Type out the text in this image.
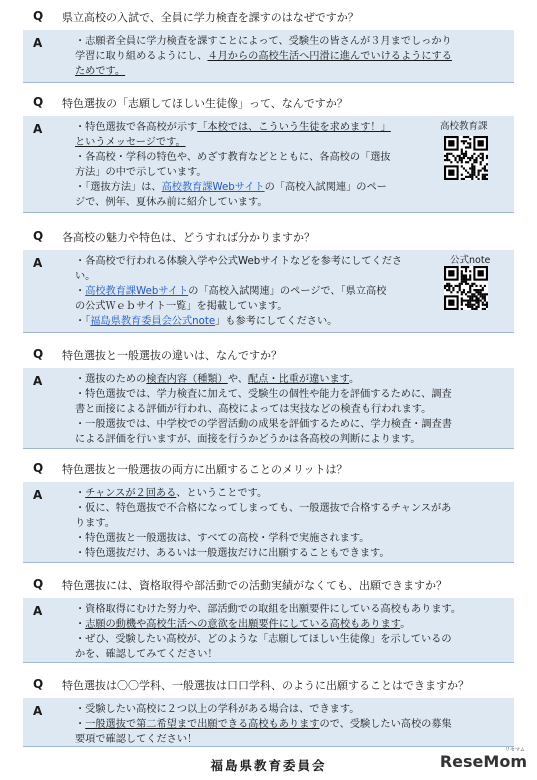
Q 県立高校の入試で、全員に学力検査を課すのはなぜですか？
A	・志願者全員に学力検査を課すことによって、受験生の皆さんが３月までしっかり
学習に取り組めるようにし、４月からの高校生活へ円滑に進んでいけるようにする
ためです。
Q 特色選抜の「志願してほしい生徒像」って、なんですか？
A	・特色選抜で各高校が示す「本校では、こういう生徒を求めます！」
というメッセージです。
・各高校・学科の特色や、めざす教育などとともに、各高校の「選抜
方法」の中で示しています。
・「選抜方法」は、高校教育課Webサイトの「高校入試関連」のペー
ジで、例年、夏休み前に紹介しています。
Q 各高校の魅力や特色は、どうすれば分かりますか？
A	・各高校で行われる体験入学や公式Webサイトなどを参考にしてくださ
い。
・高校教育課Webサイトの「高校入試関連」のページで、「県立高校
の公式Ｗｅｂサイト一覧」を掲載しています。
・「福島県教育委員会公式note」も参考にしてください。
Q 特色選抜と一般選抜の違いは、なんですか？
A	・選抜のための検査内容（種類）や、配点・比重が違います。
・特色選抜では、学力検査に加えて、受験生の個性や能力を評価するために、調査
書と面接による評価が行われ、高校によっては実技などの検査も行われます。
・一般選抜では、中学校での学習活動の成果を評価するために、学力検査・調査書
による評価を行いますが、面接を行うかどうかは各高校の判断によります。
Q 特色選抜と一般選抜の両方に出願することのメリットは？
A	・チャンスが２回ある、ということです。
・仮に、特色選抜で不合格になってしまっても、一般選抜で合格するチャンスがあ
ります。
・特色選抜と一般選抜は、すべての高校・学科で実施されます。
・特色選抜だけ、あるいは一般選抜だけに出願することもできます。
Q 特色選抜には、資格取得や部活動での活動実績がなくても、出願できますか？
A	・資格取得にむけた努力や、部活動での取組を出願要件にしている高校もあります。
・志願の動機や高校生活への意欲を出願要件にしている高校もあります。
・ぜひ、受験したい高校が、どのような「志願してほしい生徒像」を示しているの
かを、確認してみてください！
Q 特色選抜は〇〇学科、一般選抜は口口学科、のように出願することはできますか？
A	・受験したい高校に２つ以上の学科がある場合は、できます。
・一般選抜で第二希望まで出願できる高校もありますので、受験したい高校の募集
要項で確認してください！
福島県教育委員会	ReseMom
リセマム
高校教育課
公式note
